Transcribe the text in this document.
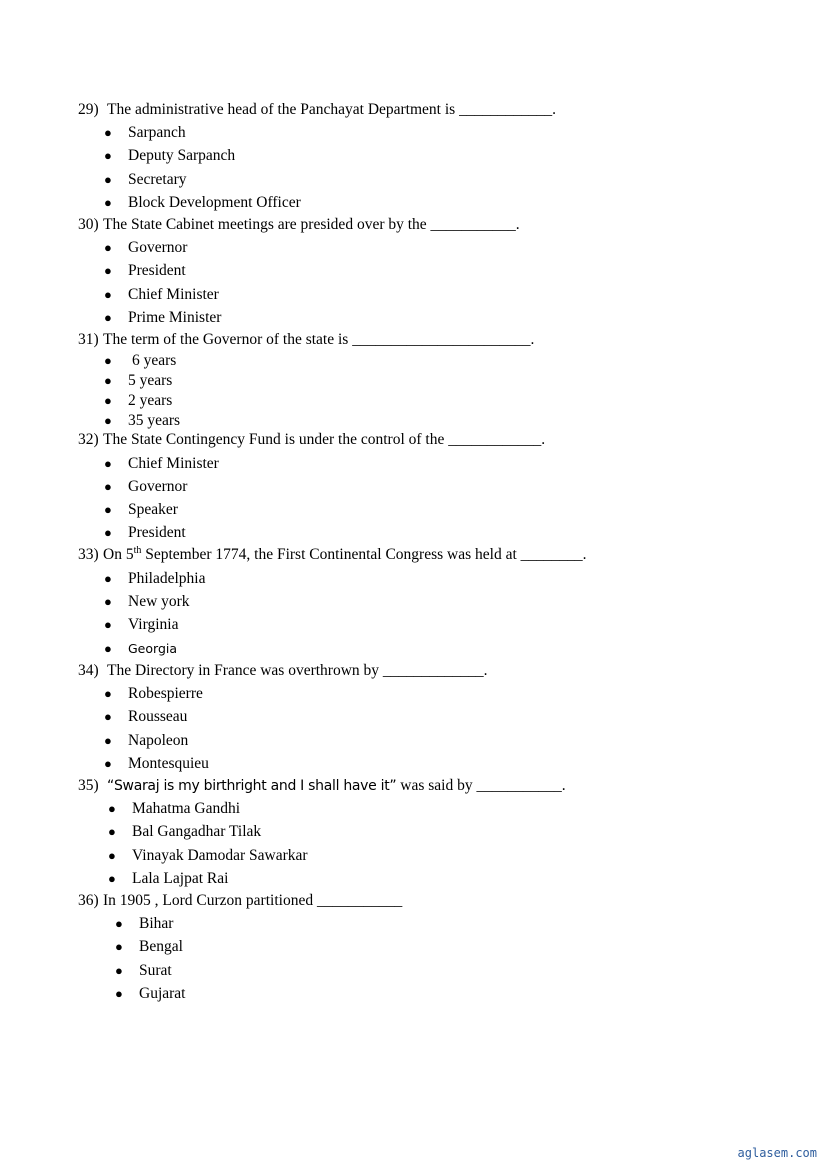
29) The administrative head of the Panchayat Department is ____________.
● Sarpanch
● Deputy Sarpanch
● Secretary
● Block Development Officer
30) The State Cabinet meetings are presided over by the ___________.
● Governor
● President
● Chief Minister
● Prime Minister
31) The term of the Governor of the state is _______________________.
● 6 years
● 5 years
● 2 years
● 35 years
32) The State Contingency Fund is under the control of the ____________.
● Chief Minister
● Governor
● Speaker
● President
33) On 5th September 1774, the First Continental Congress was held at ________.
● Philadelphia
● New york
● Virginia
● Georgia
34) The Directory in France was overthrown by _____________.
● Robespierre
● Rousseau
● Napoleon
● Montesquieu
35) “Swaraj is my birthright and I shall have it” was said by ___________.
● Mahatma Gandhi
● Bal Gangadhar Tilak
● Vinayak Damodar Sawarkar
● Lala Lajpat Rai
36) In 1905 , Lord Curzon partitioned ___________
● Bihar
● Bengal
● Surat
● Gujarat
aglasem.com
